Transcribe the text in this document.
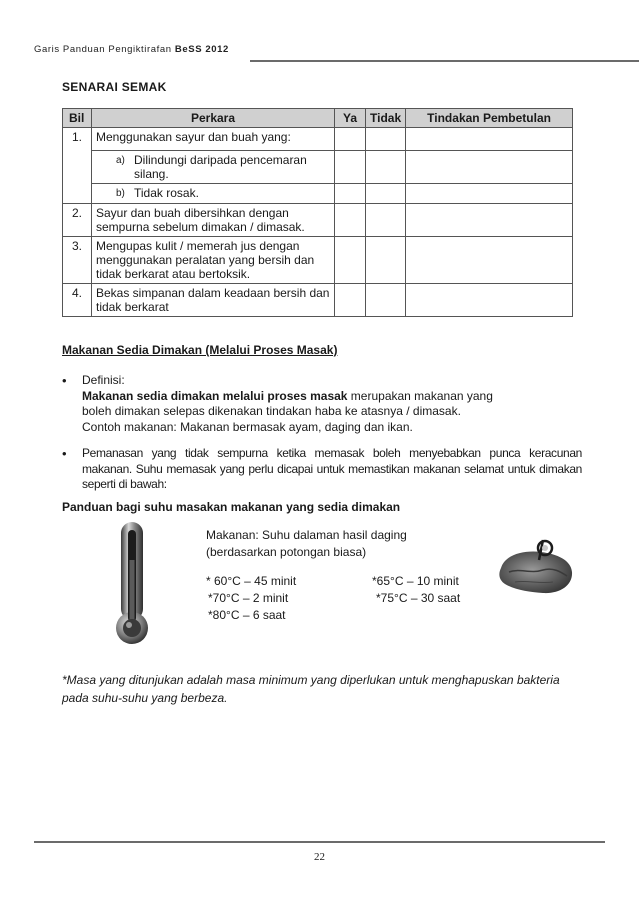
Garis Panduan Pengiktirafan BeSS 2012
SENARAI SEMAK
Bil	Perkara	Ya	Tidak	Tindakan Pembetulan
1.	Menggunakan sayur dan buah yang:			

	a) Dilindungi daripada pencemaran silang.			

	b) Tidak rosak.			

2.	Sayur dan buah dibersihkan dengan sempurna sebelum dimakan / dimasak.			
3.	Mengupas kulit / memerah jus dengan menggunakan peralatan yang bersih dan tidak berkarat atau bertoksik.			
4.	Bekas simpanan dalam keadaan bersih dan tidak berkarat			
Makanan Sedia Dimakan (Melalui Proses Masak)
• Definisi:
Makanan sedia dimakan melalui proses masak merupakan makanan yang boleh dimakan selepas dikenakan tindakan haba ke atasnya / dimasak.
Contoh makanan: Makanan bermasak ayam, daging dan ikan.
• Pemanasan yang tidak sempurna ketika memasak boleh menyebabkan punca keracunan makanan. Suhu memasak yang perlu dicapai untuk memastikan makanan selamat untuk dimakan seperti di bawah:
Panduan bagi suhu masakan makanan yang sedia dimakan
Makanan: Suhu dalaman hasil daging
(berdasarkan potongan biasa)
* 60°C – 45 minit	*65°C – 10 minit
*70°C – 2 minit	*75°C – 30 saat
*80°C – 6 saat
*Masa yang ditunjukan adalah masa minimum yang diperlukan untuk menghapuskan bakteria pada suhu-suhu yang berbeza.
22
